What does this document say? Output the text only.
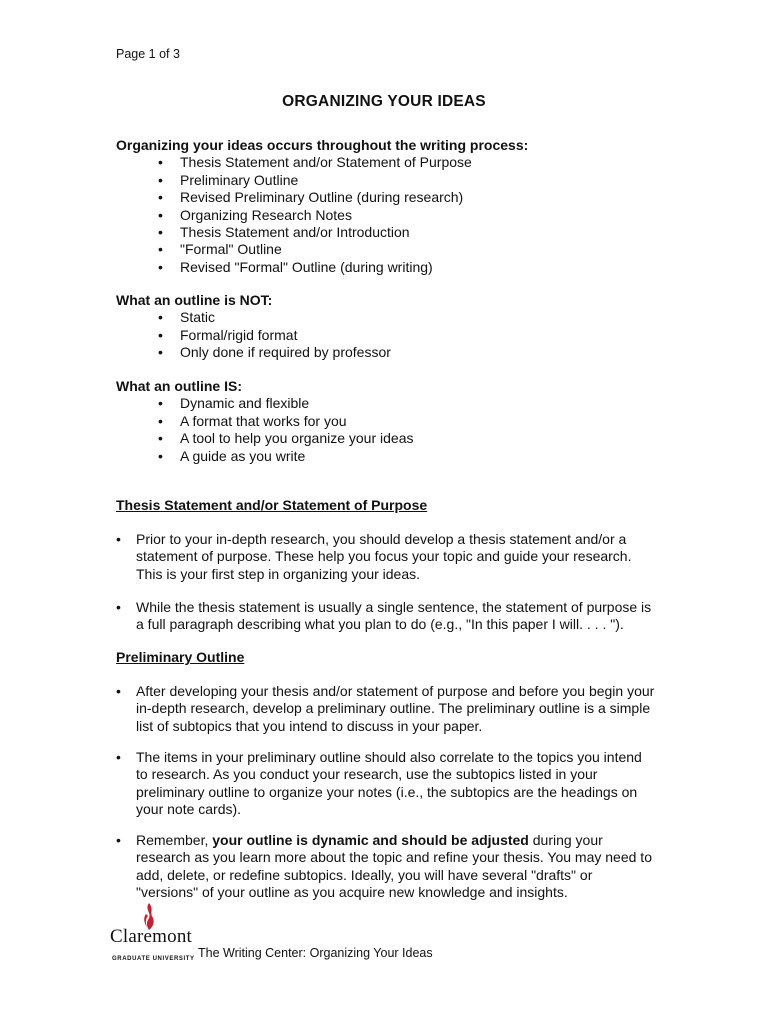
Page 1 of 3
ORGANIZING YOUR IDEAS

Organizing your ideas occurs throughout the writing process:

• Thesis Statement and/or Statement of Purpose
• Preliminary Outline
• Revised Preliminary Outline (during research)
• Organizing Research Notes
• Thesis Statement and/or Introduction
• "Formal" Outline
• Revised "Formal" Outline (during writing)

What an outline is NOT:

• Static
• Formal/rigid format
• Only done if required by professor

What an outline IS:

• Dynamic and flexible
• A format that works for you
• A tool to help you organize your ideas
• A guide as you write
Thesis Statement and/or Statement of Purpose
• Prior to your in-depth research, you should develop a thesis statement and/or a statement of purpose. These help you focus your topic and guide your research. This is your first step in organizing your ideas.
• While the thesis statement is usually a single sentence, the statement of purpose is a full paragraph describing what you plan to do (e.g., "In this paper I will. . . . ").
Preliminary Outline
• After developing your thesis and/or statement of purpose and before you begin your in-depth research, develop a preliminary outline. The preliminary outline is a simple list of subtopics that you intend to discuss in your paper.
• The items in your preliminary outline should also correlate to the topics you intend to research. As you conduct your research, use the subtopics listed in your preliminary outline to organize your notes (i.e., the subtopics are the headings on your note cards).
• Remember, your outline is dynamic and should be adjusted during your research as you learn more about the topic and refine your thesis. You may need to add, delete, or redefine subtopics. Ideally, you will have several "drafts" or "versions" of your outline as you acquire new knowledge and insights.
Claremont
GRADUATE UNIVERSITY The Writing Center: Organizing Your Ideas
